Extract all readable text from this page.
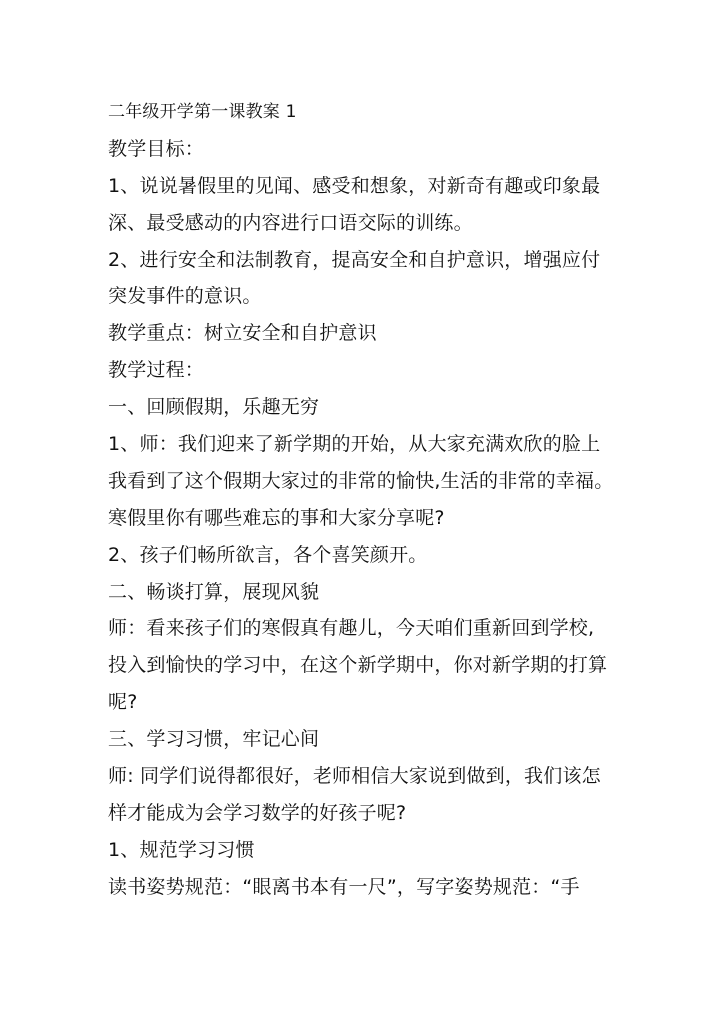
二年级开学第一课教案 1
教学目标：
1、说说暑假里的见闻、感受和想象，对新奇有趣或印象最
深、最受感动的内容进行口语交际的训练。
2、进行安全和法制教育，提高安全和自护意识，增强应付
突发事件的意识。
教学重点：树立安全和自护意识
教学过程：
一、回顾假期，乐趣无穷
1、师：我们迎来了新学期的开始，从大家充满欢欣的脸上
我看到了这个假期大家过的非常的愉快,生活的非常的幸福。
寒假里你有哪些难忘的事和大家分享呢?
2、孩子们畅所欲言，各个喜笑颜开。
二、畅谈打算，展现风貌
师：看来孩子们的寒假真有趣儿，今天咱们重新回到学校,
投入到愉快的学习中，在这个新学期中，你对新学期的打算
呢?
三、学习习惯，牢记心间
师: 同学们说得都很好，老师相信大家说到做到，我们该怎
样才能成为会学习数学的好孩子呢?
1、规范学习习惯
读书姿势规范：“眼离书本有一尺”，写字姿势规范：“手
